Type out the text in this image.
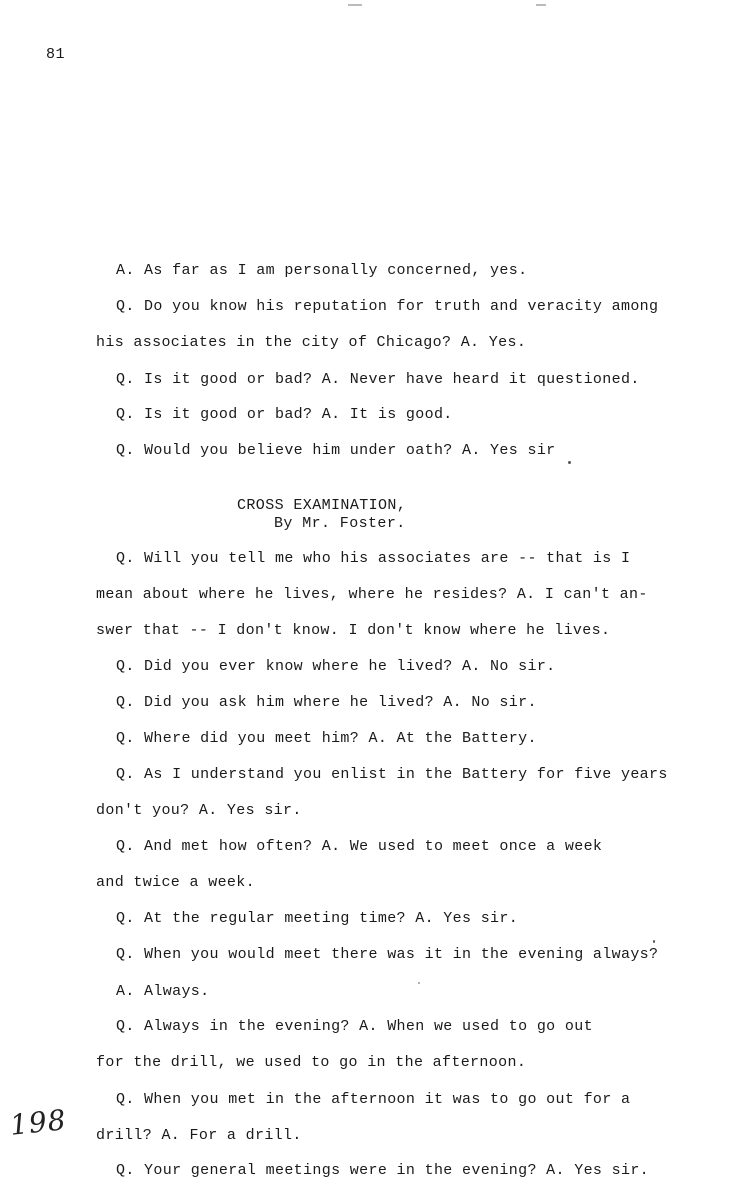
81
A. As far as I am personally concerned, yes.
Q. Do you know his reputation for truth and veracity among
his associates in the city of Chicago? A. Yes.
Q. Is it good or bad? A. Never have heard it questioned.
Q. Is it good or bad? A. It is good.
Q. Would you believe him under oath? A. Yes sir
CROSS EXAMINATION,
By Mr. Foster.
Q. Will you tell me who his associates are -- that is I
mean about where he lives, where he resides? A. I can't an-
swer that -- I don't know. I don't know where he lives.
Q. Did you ever know where he lived? A. No sir.
Q. Did you ask him where he lived? A. No sir.
Q. Where did you meet him? A. At the Battery.
Q. As I understand you enlist in the Battery for five years
don't you? A. Yes sir.
Q. And met how often? A. We used to meet once a week
and twice a week.
Q. At the regular meeting time? A. Yes sir.
Q. When you would meet there was it in the evening always?
A. Always.
Q. Always in the evening? A. When we used to go out
for the drill, we used to go in the afternoon.
Q. When you met in the afternoon it was to go out for a
drill? A. For a drill.
Q. Your general meetings were in the evening? A. Yes sir.
198
